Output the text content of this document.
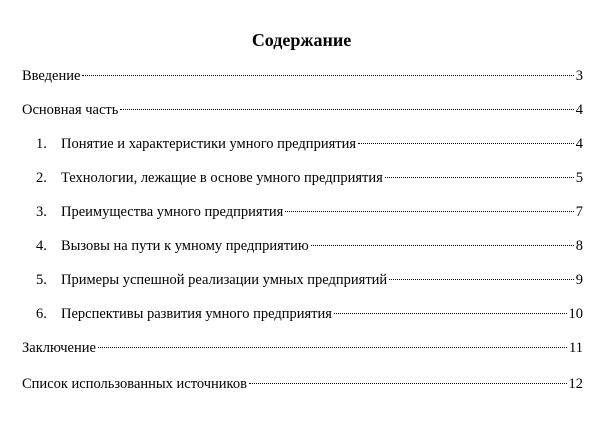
Содержание
Введение	3
Основная часть	4
1. Понятие и характеристики умного предприятия	4
2. Технологии, лежащие в основе умного предприятия	5
3. Преимущества умного предприятия	7
4. Вызовы на пути к умному предприятию	8
5. Примеры успешной реализации умных предприятий	9
6. Перспективы развития умного предприятия	10
Заключение	11
Список использованных источников	12
